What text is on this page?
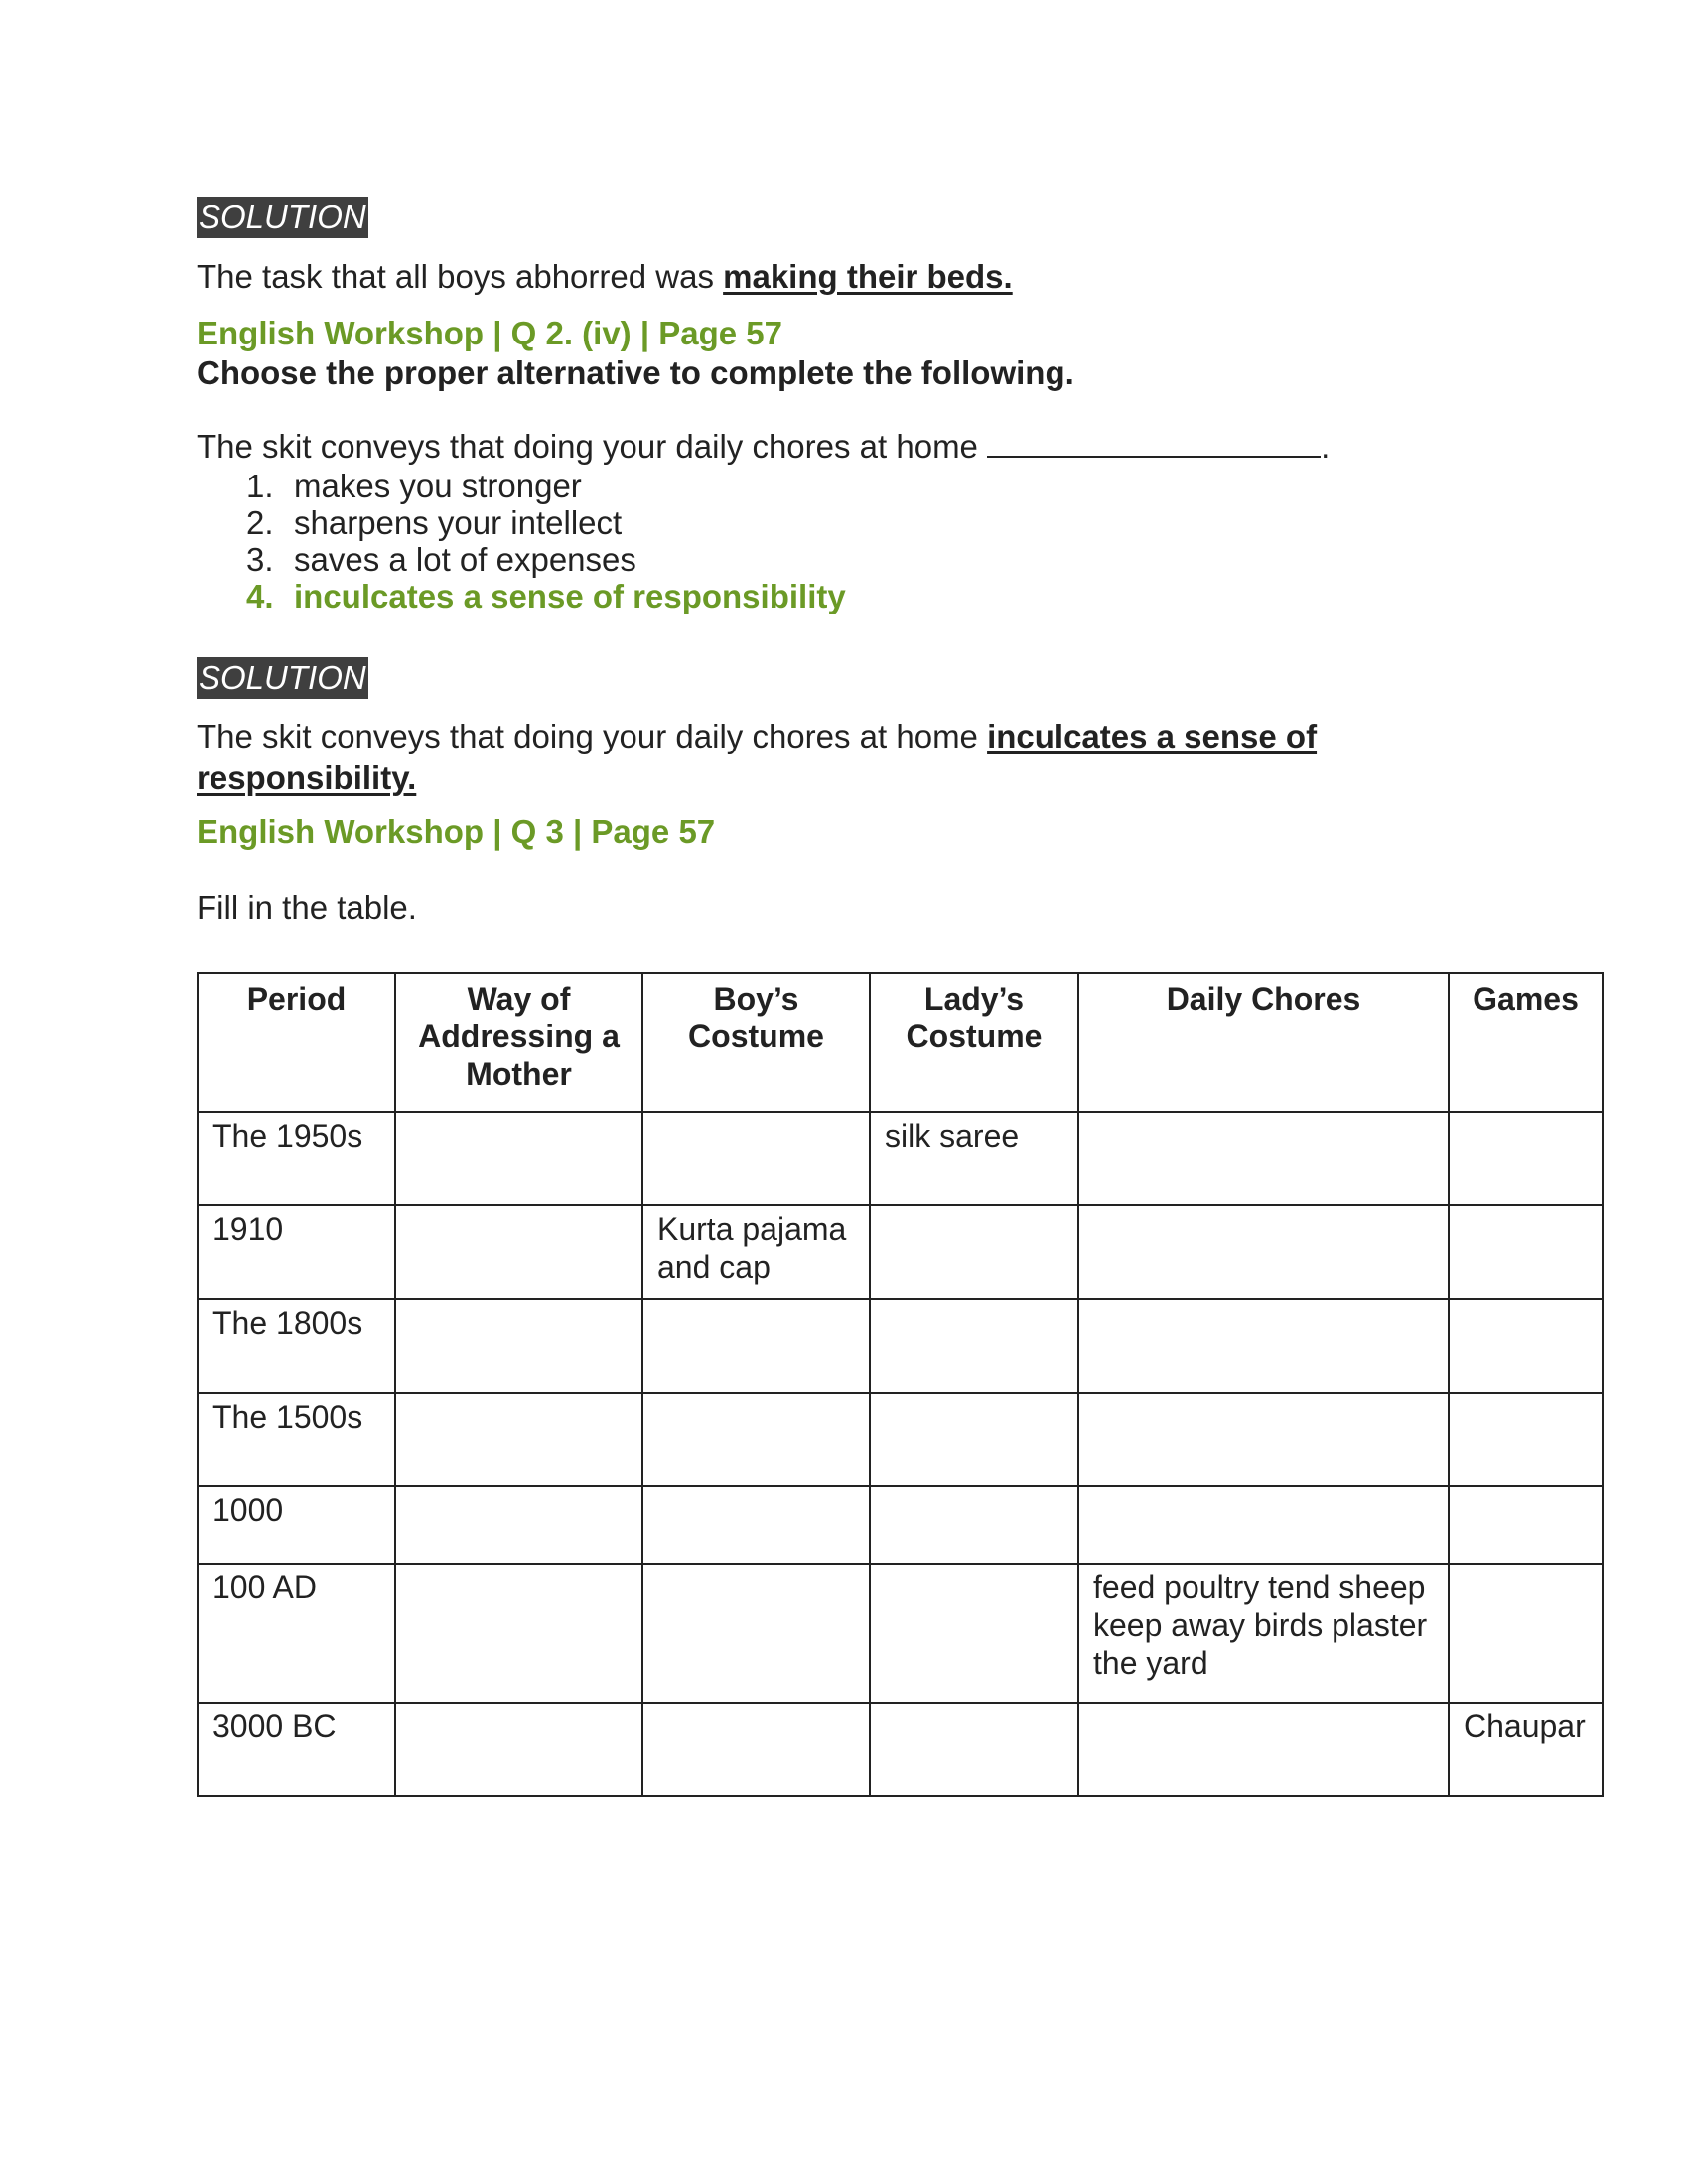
SOLUTION

The task that all boys abhorred was making their beds.

English Workshop | Q 2. (iv) | Page 57

Choose the proper alternative to complete the following.

The skit conveys that doing your daily chores at home	.

1. makes you stronger
2. sharpens your intellect
3. saves a lot of expenses
4. inculcates a sense of responsibility
SOLUTION

The skit conveys that doing your daily chores at home inculcates a sense of responsibility.

English Workshop | Q 3 | Page 57

Fill in the table.

Period	Way of Addressing a Mother	Boy’s Costume	Lady’s Costume	Daily Chores	Games
The 1950s			silk saree		
1910		Kurta pajama and cap			
The 1800s					
The 1500s					
1000					
100 AD				feed poultry tend sheep keep away birds plaster the yard	
3000 BC					Chaupar
